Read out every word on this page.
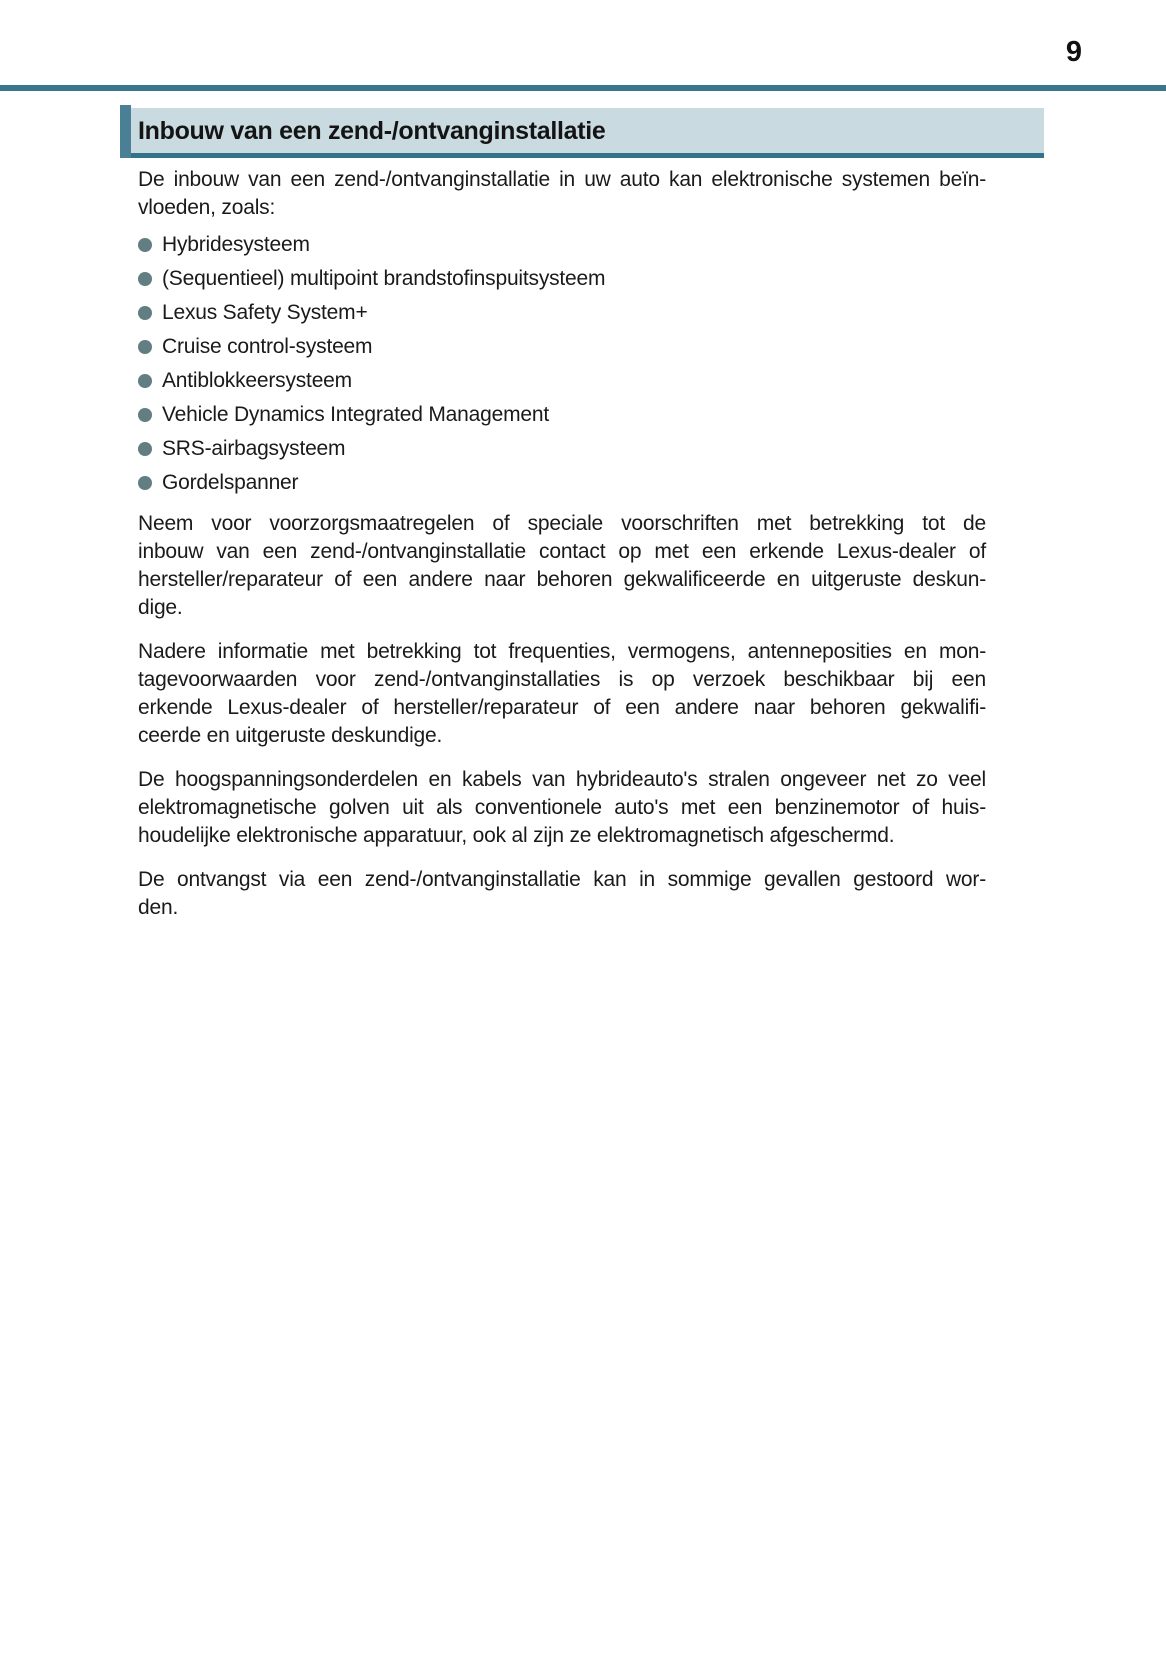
9
Inbouw van een zend-/ontvanginstallatie
De inbouw van een zend-/ontvanginstallatie in uw auto kan elektronische systemen beïn-
vloeden, zoals:
Hybridesysteem
(Sequentieel) multipoint brandstofinspuitsysteem
Lexus Safety System+
Cruise control-systeem
Antiblokkeersysteem
Vehicle Dynamics Integrated Management
SRS-airbagsysteem
Gordelspanner
Neem voor voorzorgsmaatregelen of speciale voorschriften met betrekking tot de
inbouw van een zend-/ontvanginstallatie contact op met een erkende Lexus-dealer of
hersteller/reparateur of een andere naar behoren gekwalificeerde en uitgeruste deskun-
dige.
Nadere informatie met betrekking tot frequenties, vermogens, antenneposities en mon-
tagevoorwaarden voor zend-/ontvanginstallaties is op verzoek beschikbaar bij een
erkende Lexus-dealer of hersteller/reparateur of een andere naar behoren gekwalifi-
ceerde en uitgeruste deskundige.
De hoogspanningsonderdelen en kabels van hybrideauto's stralen ongeveer net zo veel
elektromagnetische golven uit als conventionele auto's met een benzinemotor of huis-
houdelijke elektronische apparatuur, ook al zijn ze elektromagnetisch afgeschermd.
De ontvangst via een zend-/ontvanginstallatie kan in sommige gevallen gestoord wor-
den.
